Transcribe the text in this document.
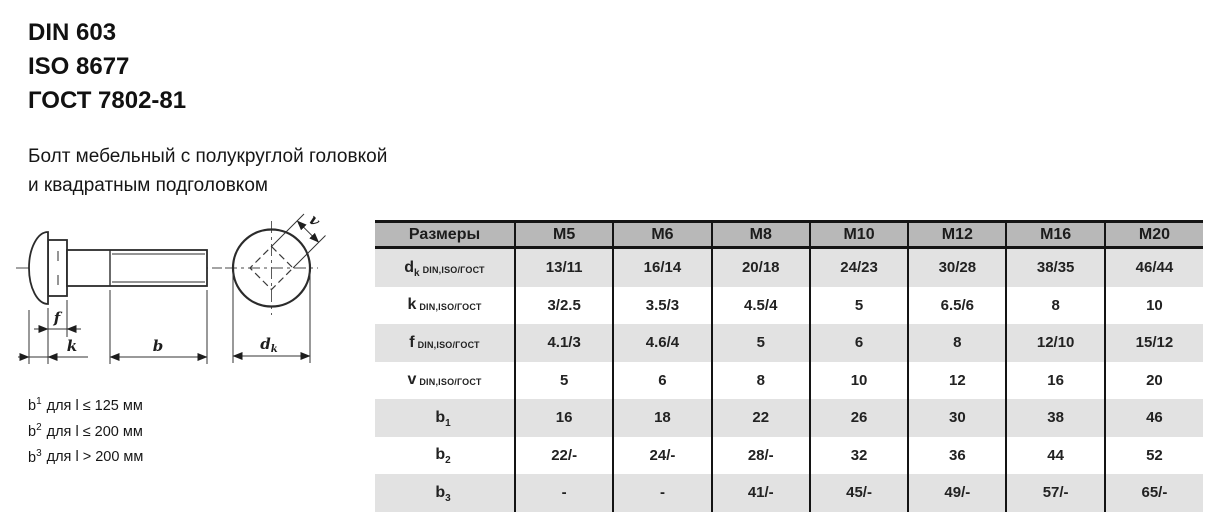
DIN 603
ISO 8677
ГОСТ 7802-81
Болт мебельный с полукруглой головкой
и квадратным подголовком
f
k	b
v
$d_k$
$b^1$ для l ≤ 125 мм
$b^2$ для l ≤ 200 мм
$b^3$ для l > 200 мм
Размеры	M5	M6	M8	M10	M12	M16	M20
$d_k$ DIN,ISO/ГОСТ	13/11	16/14	20/18	24/23	30/28	38/35	46/44
k DIN,ISO/ГОСТ	3/2.5	3.5/3	4.5/4	5	6.5/6	8	10
f DIN,ISO/ГОСТ	4.1/3	4.6/4	5	6	8	12/10	15/12
v DIN,ISO/ГОСТ	5	6	8	10	12	16	20
$b_1$	16	18	22	26	30	38	46
$b_2$	22/-	24/-	28/-	32	36	44	52
$b_3$	-	-	41/-	45/-	49/-	57/-	65/-
